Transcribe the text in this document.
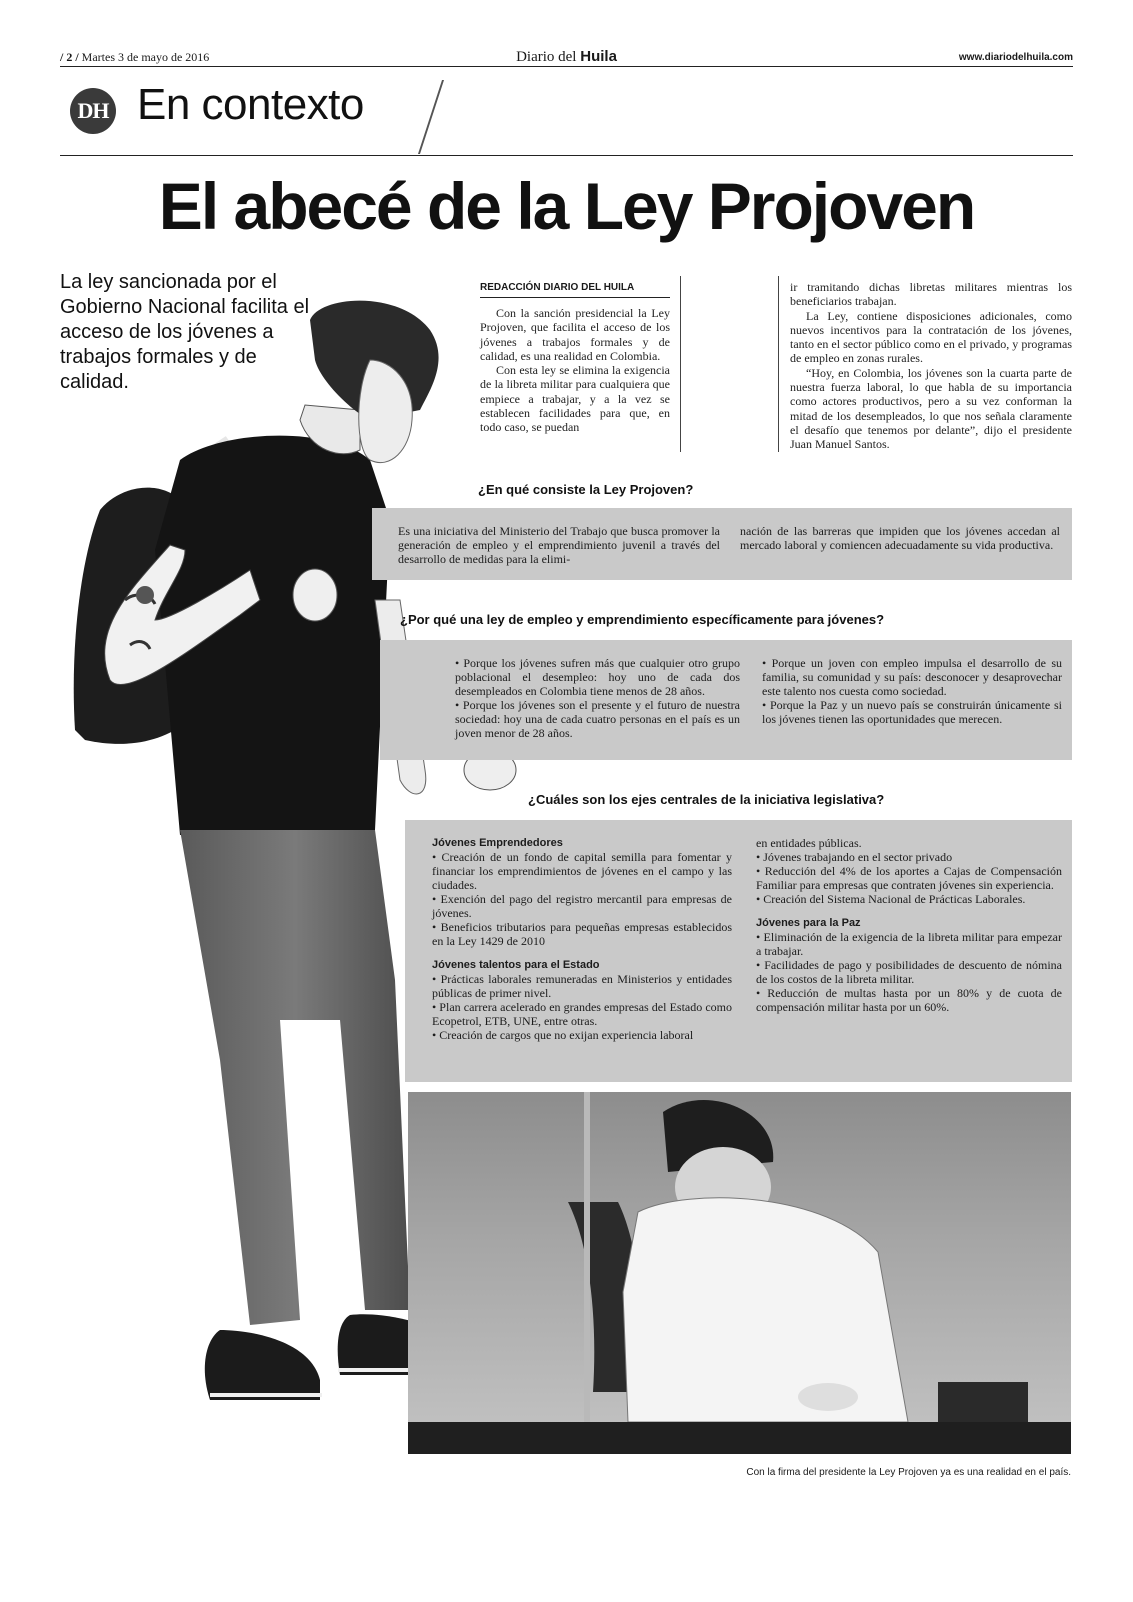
/ 2 / Martes 3 de mayo de 2016	Diario del Huila	www.diariodelhuila.com
DH En contexto
El abecé de la Ley Projoven
La ley sancionada por el Gobierno Nacional facilita el acceso de los jóvenes a trabajos formales y de calidad.
REDACCIÓN DIARIO DEL HUILA

Con la sanción presidencial la Ley Projoven, que facilita el acceso de los jóvenes a trabajos formales y de calidad, es una realidad en Colombia.

Con esta ley se elimina la exigencia de la libreta militar para cualquiera que empiece a trabajar, y a la vez se establecen facilidades para que, en todo caso, se puedan

ir tramitando dichas libretas militares mientras los beneficiarios trabajan.

La Ley, contiene disposiciones adicionales, como nuevos incentivos para la contratación de los jóvenes, tanto en el sector público como en el privado, y programas de empleo en zonas rurales.

“Hoy, en Colombia, los jóvenes son la cuarta parte de nuestra fuerza laboral, lo que habla de su importancia como actores productivos, pero a su vez conforman la mitad de los desempleados, lo que nos señala claramente el desafío que tenemos por delante”, dijo el presidente Juan Manuel Santos.

¿En qué consiste la Ley Projoven?
Es una iniciativa del Ministerio del Trabajo que busca promover la generación de empleo y el emprendimiento juvenil a través del desarrollo de medidas para la elimi-
nación de las barreras que impiden que los jóvenes accedan al mercado laboral y comiencen adecuadamente su vida productiva.
¿Por qué una ley de empleo y emprendimiento específicamente para jóvenes?

• Porque los jóvenes sufren más que cualquier otro grupo poblacional el desempleo: hoy uno de cada dos desempleados en Colombia tiene menos de 28 años.

• Porque los jóvenes son el presente y el futuro de nuestra sociedad: hoy una de cada cuatro personas en el país es un joven menor de 28 años.

• Porque un joven con empleo impulsa el desarrollo de su familia, su comunidad y su país: desconocer y desaprovechar este talento nos cuesta como sociedad.

• Porque la Paz y un nuevo país se construirán únicamente si los jóvenes tienen las oportunidades que merecen.

¿Cuáles son los ejes centrales de la iniciativa legislativa?
Jóvenes Emprendedores

• Creación de un fondo de capital semilla para fomentar y financiar los emprendimientos de jóvenes en el campo y las ciudades.

• Exención del pago del registro mercantil para empresas de jóvenes.

• Beneficios tributarios para pequeñas empresas establecidos en la Ley 1429 de 2010

Jóvenes talentos para el Estado

• Prácticas laborales remuneradas en Ministerios y entidades públicas de primer nivel.

• Plan carrera acelerado en grandes empresas del Estado como Ecopetrol, ETB, UNE, entre otras.

• Creación de cargos que no exijan experiencia laboral

en entidades públicas.

• Jóvenes trabajando en el sector privado

• Reducción del 4% de los aportes a Cajas de Compensación Familiar para empresas que contraten jóvenes sin experiencia.

• Creación del Sistema Nacional de Prácticas Laborales.

Jóvenes para la Paz

• Eliminación de la exigencia de la libreta militar para empezar a trabajar.

• Facilidades de pago y posibilidades de descuento de nómina de los costos de la libreta militar.

• Reducción de multas hasta por un 80% y de cuota de compensación militar hasta por un 60%.

Con la firma del presidente la Ley Projoven ya es una realidad en el país.
